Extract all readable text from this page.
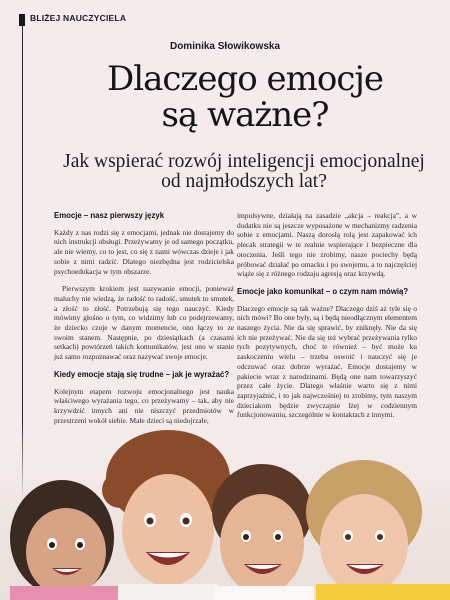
BLIŻEJ NAUCZYCIELA
Dominika Słowikowska
Dlaczego emocje
są ważne?
Jak wspierać rozwój inteligencji emocjonalnej
od najmłodszych lat?
Emocje – nasz pierwszy język

Każdy z nas rodzi się z emocjami, jednak nie dostajemy do nich instrukcji obsługi. Przeżywamy je od samego początku, ale nie wiemy, co to jest, co się z nami wówczas dzieje i jak sobie z nimi radzić. Dlatego niezbędna jest rodzicielska psychoedukacja w tym obszarze.

Pierwszym krokiem jest nazywanie emocji, ponieważ maluchy nie wiedzą, że radość to radość, smutek to smutek, a złość to złość. Potrzebują się tego nauczyć. Kiedy mówimy głośno o tym, co widzimy lub co podejrzewamy, że dziecko czuje w danym momencie, ono łączy to ze swoim stanem. Następnie, po dziesiątkach (a czasami setkach) powtórzeń takich komunikatów, jest ono w stanie już samo rozpoznawać oraz nazywać swoje emocje.

Kiedy emocje stają się trudne – jak je wyrażać?

Kolejnym etapem rozwoju emocjonalnego jest nauka właściwego wyrażania tego, co przeżywamy – tak, aby nie krzywdzić innych ani nie niszczyć przedmiotów w

impulsywne, działają na zasadzie „akcja – reakcja”, a w dodatku nie są jeszcze wyposażone w mechanizmy radzenia sobie z emocjami. Naszą dorosłą rolą jest zapakować ich plecak strategii w te realnie wspierające i bezpieczne dla otoczenia. Jeśli tego nie zrobimy, nasze pociechy będą próbować działać po omacku i po swojemu, a to najczęściej wiąże się z różnego rodzaju agresją oraz krzywdą.

Emocje jako komunikat – o czym nam mówią?

Dlaczego emocje są tak ważne? Dlaczego dziś aż tyle się o nich mówi? Bo one były, są i będą nieodłącznym elementem naszego życia. Nie da się sprawić, by zniknęły. Nie da się ich nie przeżywać. Nie da się też wybrać przeżywania tylko tych pozytywnych, choć te również – być może ku zaskoczeniu wielu – trzeba oswoić i nauczyć się je odczuwać oraz dobrze wyrażać. Emocje dostajemy w pakiecie wraz z narodzinami. Będą one nam towarzyszyć przez całe życie. Dlatego właśnie warto się z nimi zaprzyjaźnić, i to jak najwcześniej to zrobimy, tym naszym dzieciakom będzie zwyczajnie lżej w codziennym funkcjonowaniu, szczególnie w kontaktach z innymi.
